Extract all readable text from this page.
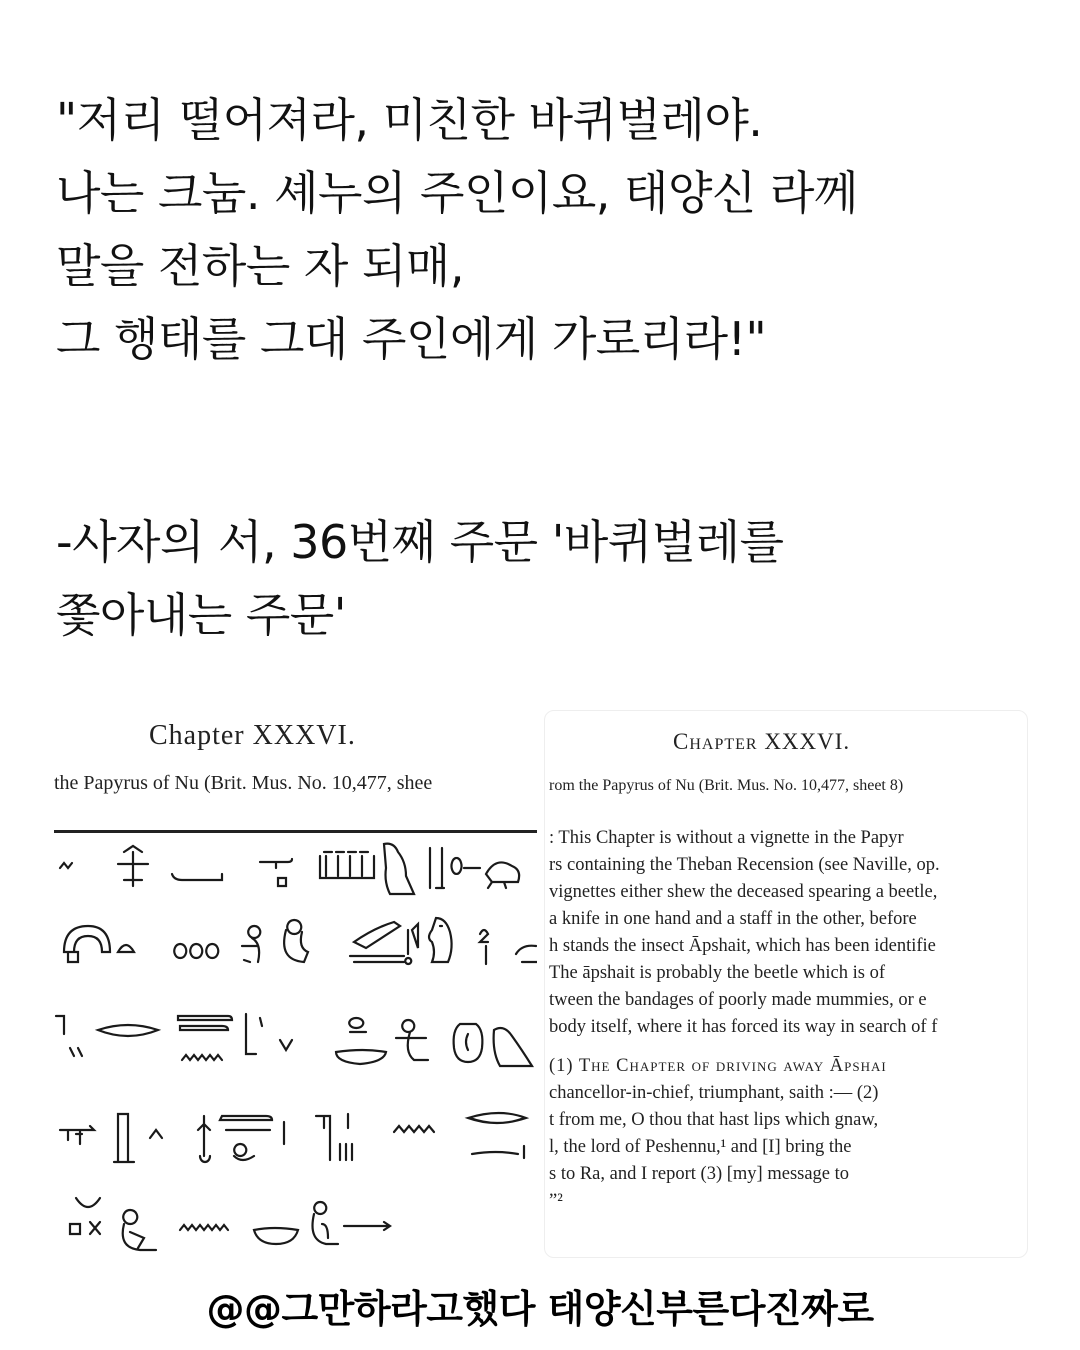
"저리 떨어져라, 미친한 바퀴벌레야.
나는 크눔. 셰누의 주인이요, 태양신 라께
말을 전하는 자 되매,
그 행태를 그대 주인에게 가로리라!"
-사자의 서, 36번째 주문 '바퀴벌레를
쫓아내는 주문'
Chapter XXXVI.
the Papyrus of Nu (Brit. Mus. No. 10,477, shee
Chapter XXXVI.
rom the Papyrus of Nu (Brit. Mus. No. 10,477, sheet 8)
: This Chapter is without a vignette in the Papyr
rs containing the Theban Recension (see Naville, op.
vignettes either shew the deceased spearing a beetle,
a knife in one hand and a staff in the other, before
h stands the insect Āpshait, which has been identifie
The āpshait is probably the beetle which is of
tween the bandages of poorly made mummies, or e
body itself, where it has forced its way in search of f
(1) The Chapter of driving away Āpshai
chancellor-in-chief, triumphant, saith :— (2)
t from me, O thou that hast lips which gnaw,
l, the lord of Peshennu,¹ and [I] bring the
s to Ra, and I report (3) [my] message to
”²
@@그만하라고했다 태양신부른다진짜로
